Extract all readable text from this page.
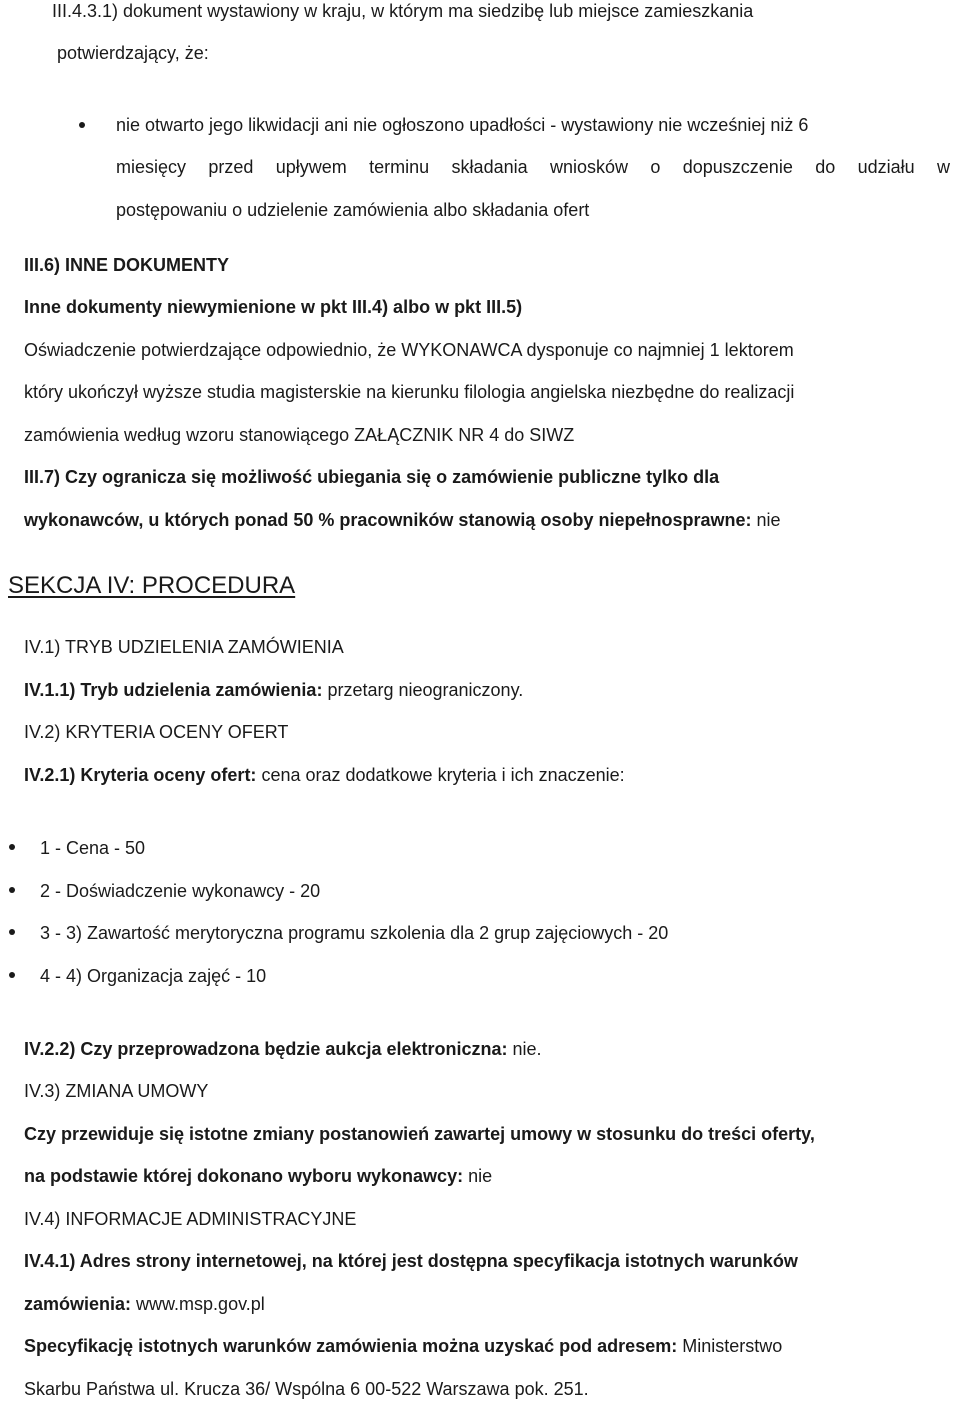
III.4.3.1) dokument wystawiony w kraju, w którym ma siedzibę lub miejsce zamieszkania
potwierdzający, że:
nie otwarto jego likwidacji ani nie ogłoszono upadłości - wystawiony nie wcześniej niż 6
miesięcy przed upływem terminu składania wniosków o dopuszczenie do udziału w
postępowaniu o udzielenie zamówienia albo składania ofert
III.6) INNE DOKUMENTY
Inne dokumenty niewymienione w pkt III.4) albo w pkt III.5)
Oświadczenie potwierdzające odpowiednio, że WYKONAWCA dysponuje co najmniej 1 lektorem
który ukończył wyższe studia magisterskie na kierunku filologia angielska niezbędne do realizacji
zamówienia według wzoru stanowiącego ZAŁĄCZNIK NR 4 do SIWZ
III.7) Czy ogranicza się możliwość ubiegania się o zamówienie publiczne tylko dla
wykonawców, u których ponad 50 % pracowników stanowią osoby niepełnosprawne: nie
SEKCJA IV: PROCEDURA
IV.1) TRYB UDZIELENIA ZAMÓWIENIA
IV.1.1) Tryb udzielenia zamówienia: przetarg nieograniczony.
IV.2) KRYTERIA OCENY OFERT
IV.2.1) Kryteria oceny ofert: cena oraz dodatkowe kryteria i ich znaczenie:
1 - Cena - 50
2 - Doświadczenie wykonawcy - 20
3 - 3) Zawartość merytoryczna programu szkolenia dla 2 grup zajęciowych - 20
4 - 4) Organizacja zajęć - 10
IV.2.2) Czy przeprowadzona będzie aukcja elektroniczna: nie.
IV.3) ZMIANA UMOWY
Czy przewiduje się istotne zmiany postanowień zawartej umowy w stosunku do treści oferty,
na podstawie której dokonano wyboru wykonawcy: nie
IV.4) INFORMACJE ADMINISTRACYJNE
IV.4.1) Adres strony internetowej, na której jest dostępna specyfikacja istotnych warunków
zamówienia: www.msp.gov.pl
Specyfikację istotnych warunków zamówienia można uzyskać pod adresem: Ministerstwo
Skarbu Państwa ul. Krucza 36/ Wspólna 6 00-522 Warszawa pok. 251.
